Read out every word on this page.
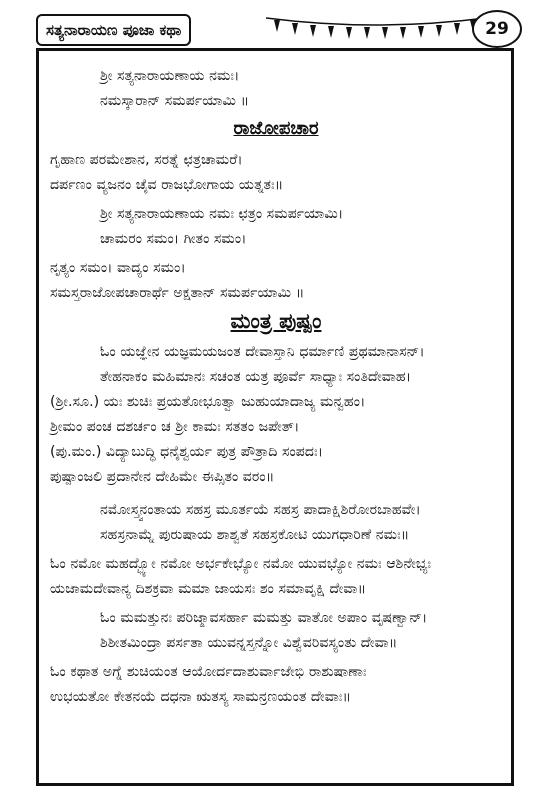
ಸತ್ಯನಾರಾಯಣ ಪೂಜಾ ಕಥಾ	29
ಶ್ರೀ ಸತ್ಯನಾರಾಯಣಾಯ ನಮಃ।
ನಮಸ್ಕಾರಾನ್ ಸಮರ್ಪಯಾಮಿ ॥
ರಾಜೋಪಚಾರ
ಗೃಹಾಣ ಪರಮೇಶಾನ, ಸರತ್ನೆ ಛತ್ರಚಾಮರೆ।
ದರ್ಪಣಂ ವ್ಯಜನಂ ಚೈವ ರಾಜಭೋಗಾಯ ಯತ್ನತಃ॥
ಶ್ರೀ ಸತ್ಯನಾರಾಯಣಾಯ ನಮಃ ಛತ್ರಂ ಸಮರ್ಪಯಾಮಿ।
ಚಾಮರಂ ಸಮಂ। ಗೀತಂ ಸಮಂ।
ನೃತ್ಯಂ ಸಮಂ। ವಾದ್ಯಂ ಸಮಂ।
ಸಮಸ್ತರಾಜೋಪಚಾರಾರ್ಥೆ ಅಕ್ಷತಾನ್ ಸಮರ್ಪಯಾಮಿ ॥
ಮಂತ್ರ ಪುಷ್ಪಂ
ಓಂ ಯಜ್ಞೇನ ಯಜ್ಞಮಯಜಂತ ದೇವಾಸ್ತಾನಿ ಧರ್ಮಾಣಿ ಪ್ರಥಮಾನಾಸನ್।
ತೇಹನಾಕಂ ಮಹಿಮಾನಃ ಸಚಂತ ಯತ್ರ ಪೂರ್ವೆ ಸಾಧ್ಯಾಃ ಸಂತಿದೇವಾಹ।
(ಶ್ರೀ.ಸೂ.) ಯಃ ಶುಚಿಃ ಪ್ರಯತೋಭೂತ್ವಾ ಜುಹುಯಾದಾಜ್ಯ ಮನ್ವಹಂ।
ಶ್ರೀಮಂ ಪಂಚ ದಶರ್ಚಂ ಚ ಶ್ರೀ ಕಾಮಃ ಸತತಂ ಜಪೇತ್।
(ಪು.ಮಂ.) ವಿದ್ಯಾಬುದ್ಧಿ ಧನೈಶ್ವರ್ಯ ಪುತ್ರ ಪೌತ್ರಾದಿ ಸಂಪದಃ।
ಪುಷ್ಪಾಂಜಲಿ ಪ್ರದಾನೇನ ದೇಹಿಮೇ ಈಪ್ಸಿತಂ ವರಂ॥
ನಮೋಸ್ತ್ವನಂತಾಯ ಸಹಸ್ರ ಮೂರ್ತಯೆ ಸಹಸ್ರ ಪಾದಾಕ್ಷಿಶಿರೋರಬಾಹವೇ।
ಸಹಸ್ರನಾಮ್ನೆ ಪುರುಷಾಯ ಶಾಶ್ವತೆ ಸಹಸ್ರಕೋಟಿ ಯುಗಧಾರಿಣೆ ನಮಃ॥
ಓಂ ನಮೋ ಮಹದ್ಭ್ಯೋ ನಮೋ ಅರ್ಭಕೇಭ್ಯೋ ನಮೋ ಯುವಭ್ಯೋ ನಮಃ ಆಶಿನೇಭ್ಯಃ
ಯಜಾಮದೇವಾನ್ಯ ದಿಶಕ್ರವಾ ಮಮಾ ಜಾಯಸಃ ಶಂ ಸಮಾವೃಕ್ಷಿ ದೇವಾ॥
ಓಂ ಮಮತ್ತುನಃ ಪರಿಜ್ಮಾವಸರ್ಹಾ ಮಮತ್ತು ವಾತೋ ಅಪಾಂ ವೃಷಣ್ವಾನ್।
ಶಿಶೀತಮಿಂದ್ರಾ ಪರ್ಸತಾ ಯುವನ್ನಸ್ತನ್ನೋ ವಿಶ್ವೆವರಿವಸ್ಯಂತು ದೇವಾ॥
ಓಂ ಕಥಾತ ಅಗ್ನೆ ಶುಚಿಯಂತ ಆಯೋರ್ದದಾಶುರ್ವಾಜೇಭಿ ರಾಶುಷಾಣಾಃ
ಉಭಯತೋ ಕೇತನಯೆ ದಧನಾ ಋತಸ್ಯ ಸಾಮನ್ರಣಯಂತ ದೇವಾಃ॥
